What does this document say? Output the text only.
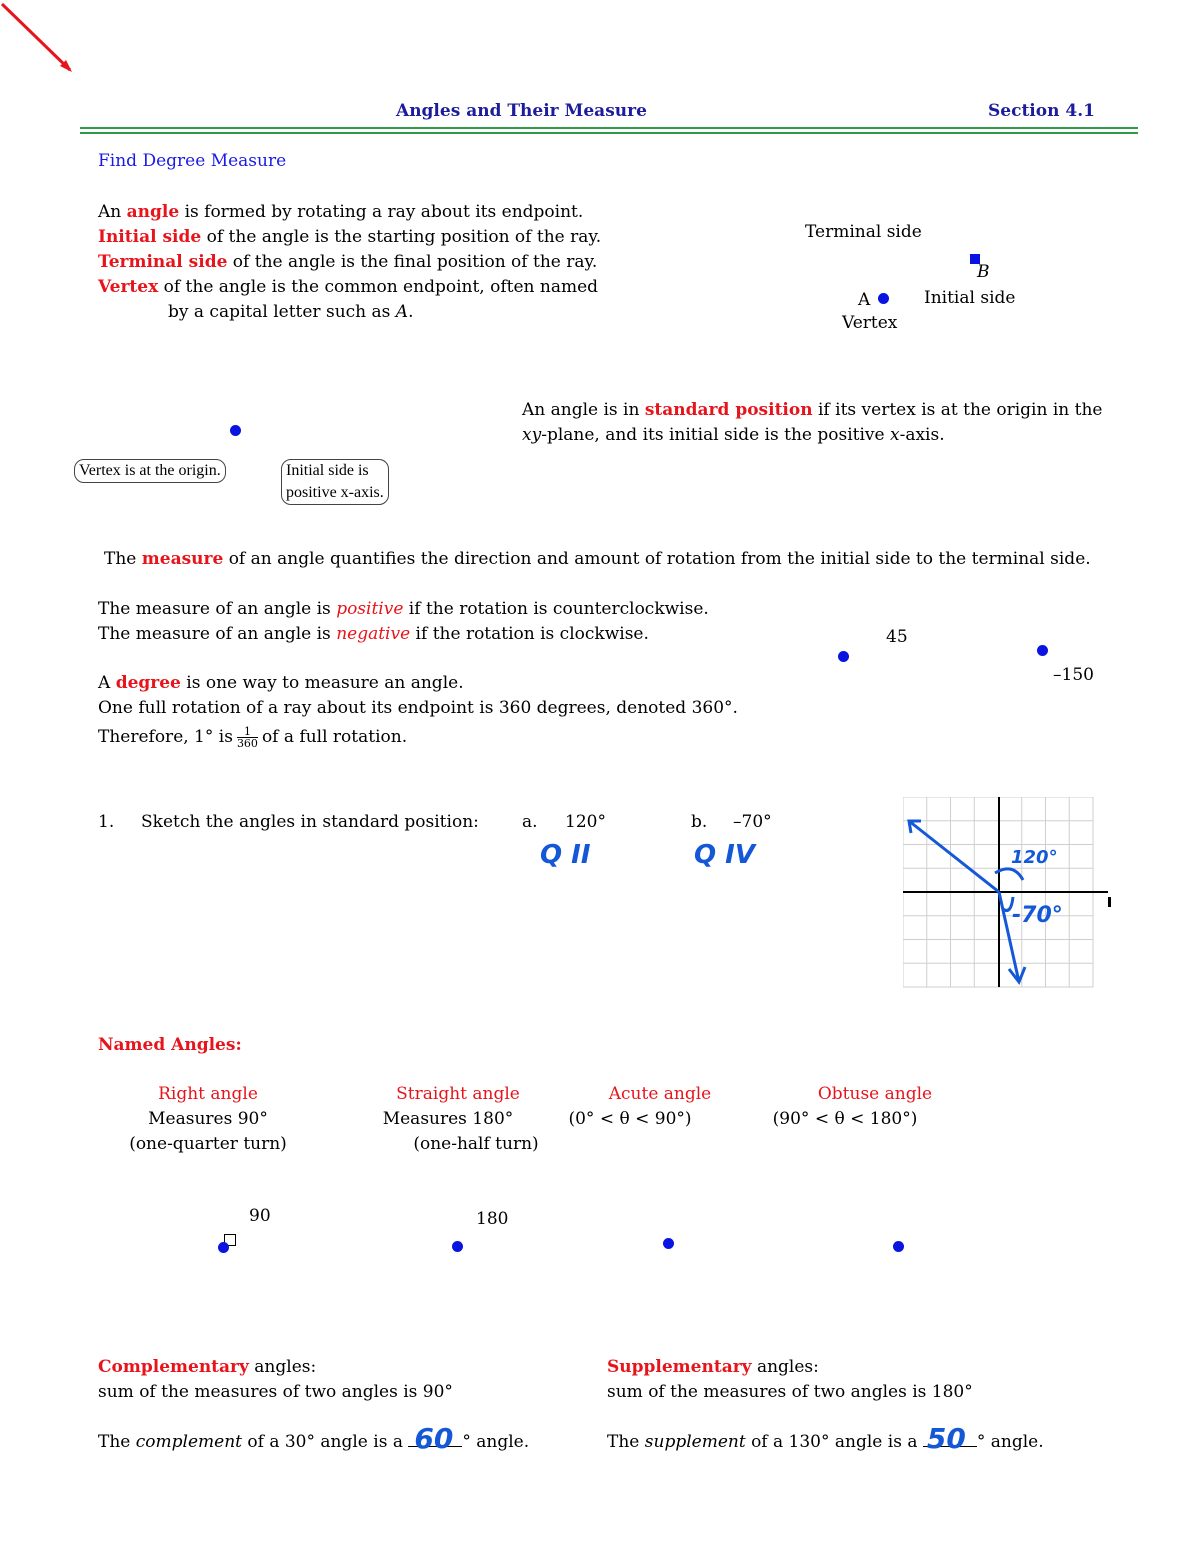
Angles and Their Measure	Section 4.1
Find Degree Measure
An angle is formed by rotating a ray about its endpoint.
Initial side of the angle is the starting position of the ray.
Terminal side of the angle is the final position of the ray.
Vertex of the angle is the common endpoint, often named
by a capital letter such as A.
Terminal side
B
A	Initial side
Vertex
An angle is in standard position if its vertex is at the origin in the
xy-plane, and its initial side is the positive x-axis.
Vertex is at the origin.	Initial side is
positive x-axis.
The measure of an angle quantifies the direction and amount of rotation from the initial side to the terminal side.
The measure of an angle is positive if the rotation is counterclockwise.
The measure of an angle is negative if the rotation is clockwise.	45
–150
A degree is one way to measure an angle.
One full rotation of a ray about its endpoint is 360 degrees, denoted 360°.
Therefore, 1° is $\frac{1}{360}$ of a full rotation.
1. Sketch the angles in standard position:	a. 120°	b. –70°
Q II	Q IV	120°
-70°
Named Angles:
Right angle
Measures 90°
(one-quarter turn)
Straight angle
Measures 180°
(one-half turn)
Acute angle
(0° < θ < 90°)
Obtuse angle
(90° < θ < 180°)
90	180
Complementary angles:
sum of the measures of two angles is 90°
The complement of a 30° angle is a 60 ° angle.
Supplementary angles:
sum of the measures of two angles is 180°
The supplement of a 130° angle is a 50 ° angle.
